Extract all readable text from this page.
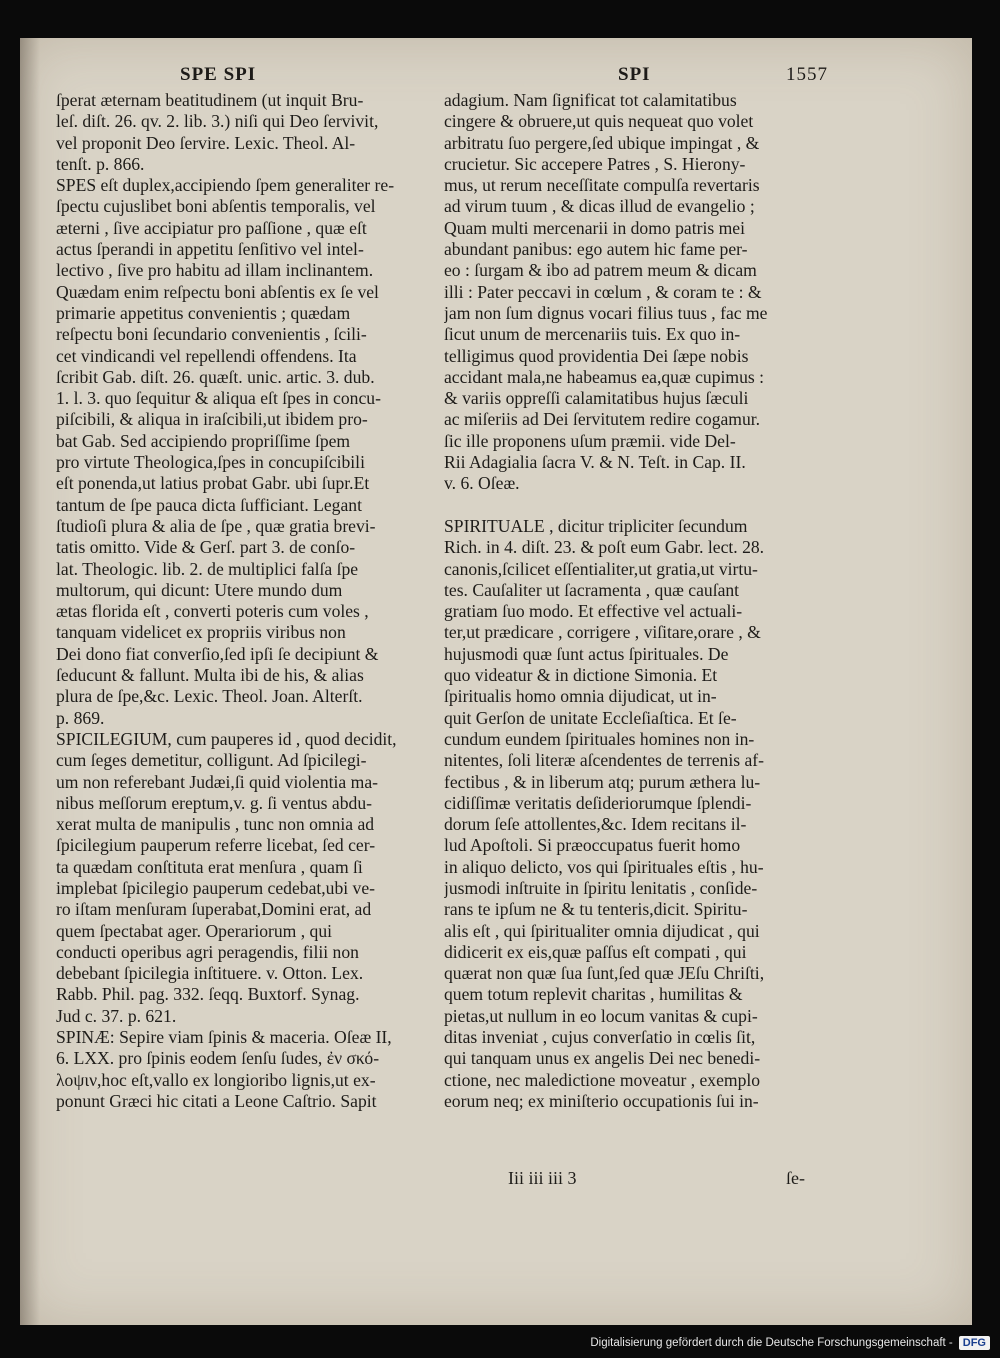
SPE SPI	SPI	1557
ſperat æternam beatitudinem (ut inquit Bru-
leſ. diſt. 26. qv. 2. lib. 3.) niſi qui Deo ſervivit,
vel proponit Deo ſervire. Lexic. Theol. Al-
tenſt. p. 866.
SPES eſt duplex,accipiendo ſpem generaliter re-
ſpectu cujuslibet boni abſentis temporalis, vel
æterni , ſive accipiatur pro paſſione , quæ eſt
actus ſperandi in appetitu ſenſitivo vel intel-
lectivo , ſive pro habitu ad illam inclinantem.
Quædam enim reſpectu boni abſentis ex ſe vel
primarie appetitus convenientis ; quædam
reſpectu boni ſecundario convenientis , ſcili-
cet vindicandi vel repellendi offendens. Ita
ſcribit Gab. diſt. 26. quæſt. unic. artic. 3. dub.
1. l. 3. quo ſequitur & aliqua eſt ſpes in concu-
piſcibili, & aliqua in iraſcibili,ut ibidem pro-
bat Gab. Sed accipiendo propriſſime ſpem
pro virtute Theologica,ſpes in concupiſcibili
eſt ponenda,ut latius probat Gabr. ubi ſupr.Et
tantum de ſpe pauca dicta ſufficiant. Legant
ſtudioſi plura & alia de ſpe , quæ gratia brevi-
tatis omitto. Vide & Gerſ. part 3. de conſo-
lat. Theologic. lib. 2. de multiplici falſa ſpe
multorum, qui dicunt: Utere mundo dum
ætas florida eſt , converti poteris cum voles ,
tanquam videlicet ex propriis viribus non
Dei dono fiat converſio,ſed ipſi ſe decipiunt &
ſeducunt & fallunt. Multa ibi de his, & alias
plura de ſpe,&c. Lexic. Theol. Joan. Alterſt.
p. 869.
SPICILEGIUM, cum pauperes id , quod decidit,
cum ſeges demetitur, colligunt. Ad ſpicilegi-
um non referebant Judæi,ſi quid violentia ma-
nibus meſſorum ereptum,v. g. ſi ventus abdu-
xerat multa de manipulis , tunc non omnia ad
ſpicilegium pauperum referre licebat, ſed cer-
ta quædam conſtituta erat menſura , quam ſi
implebat ſpicilegio pauperum cedebat,ubi ve-
ro iſtam menſuram ſuperabat,Domini erat, ad
quem ſpectabat ager. Operariorum , qui
conducti operibus agri peragendis, filii non
debebant ſpicilegia inſtituere. v. Otton. Lex.
Rabb. Phil. pag. 332. ſeqq. Buxtorf. Synag.
Jud c. 37. p. 621.
SPINÆ: Sepire viam ſpinis & maceria. Oſeæ II,
6. LXX. pro ſpinis eodem ſenſu ſudes, ἐν σκό-
λοψιν,hoc eſt,vallo ex longioribo lignis,ut ex-
ponunt Græci hic citati a Leone Caſtrio. Sapit
adagium. Nam ſignificat tot calamitatibus
cingere & obruere,ut quis nequeat quo volet
arbitratu ſuo pergere,ſed ubique impingat , &
crucietur. Sic accepere Patres , S. Hierony-
mus, ut rerum neceſſitate compulſa revertaris
ad virum tuum , & dicas illud de evangelio ;
Quam multi mercenarii in domo patris mei
abundant panibus: ego autem hic fame per-
eo : ſurgam & ibo ad patrem meum & dicam
illi : Pater peccavi in cœlum , & coram te : &
jam non ſum dignus vocari filius tuus , fac me
ſicut unum de mercenariis tuis. Ex quo in-
telligimus quod providentia Dei ſæpe nobis
accidant mala,ne habeamus ea,quæ cupimus :
& variis oppreſſi calamitatibus hujus ſæculi
ac miſeriis ad Dei ſervitutem redire cogamur.
ſic ille proponens uſum præmii. vide Del-
Rii Adagialia ſacra V. & N. Teſt. in Cap. II.
v. 6. Oſeæ.
SPIRITUALE , dicitur tripliciter ſecundum
Rich. in 4. diſt. 23. & poſt eum Gabr. lect. 28.
canonis,ſcilicet eſſentialiter,ut gratia,ut virtu-
tes. Cauſaliter ut ſacramenta , quæ cauſant
gratiam ſuo modo. Et effective vel actuali-
ter,ut prædicare , corrigere , viſitare,orare , &
hujusmodi quæ ſunt actus ſpirituales. De
quo videatur & in dictione Simonia. Et
ſpiritualis homo omnia dijudicat, ut in-
quit Gerſon de unitate Eccleſiaſtica. Et ſe-
cundum eundem ſpirituales homines non in-
nitentes, ſoli literæ aſcendentes de terrenis af-
fectibus , & in liberum atq; purum æthera lu-
cidiſſimæ veritatis deſideriorumque ſplendi-
dorum ſeſe attollentes,&c. Idem recitans il-
lud Apoſtoli. Si præoccupatus fuerit homo
in aliquo delicto, vos qui ſpirituales eſtis , hu-
jusmodi inſtruite in ſpiritu lenitatis , conſide-
rans te ipſum ne & tu tenteris,dicit. Spiritu-
alis eſt , qui ſpiritualiter omnia dijudicat , qui
didicerit ex eis,quæ paſſus eſt compati , qui
quærat non quæ ſua ſunt,ſed quæ JEſu Chriſti,
quem totum replevit charitas , humilitas &
pietas,ut nullum in eo locum vanitas & cupi-
ditas inveniat , cujus converſatio in cœlis ſit,
qui tanquam unus ex angelis Dei nec benedi-
ctione, nec maledictione moveatur , exemplo
eorum neq; ex miniſterio occupationis ſui in-
Iii iii iii 3	ſe-
Digitalisierung gefördert durch die Deutsche Forschungsgemeinschaft - DFG
